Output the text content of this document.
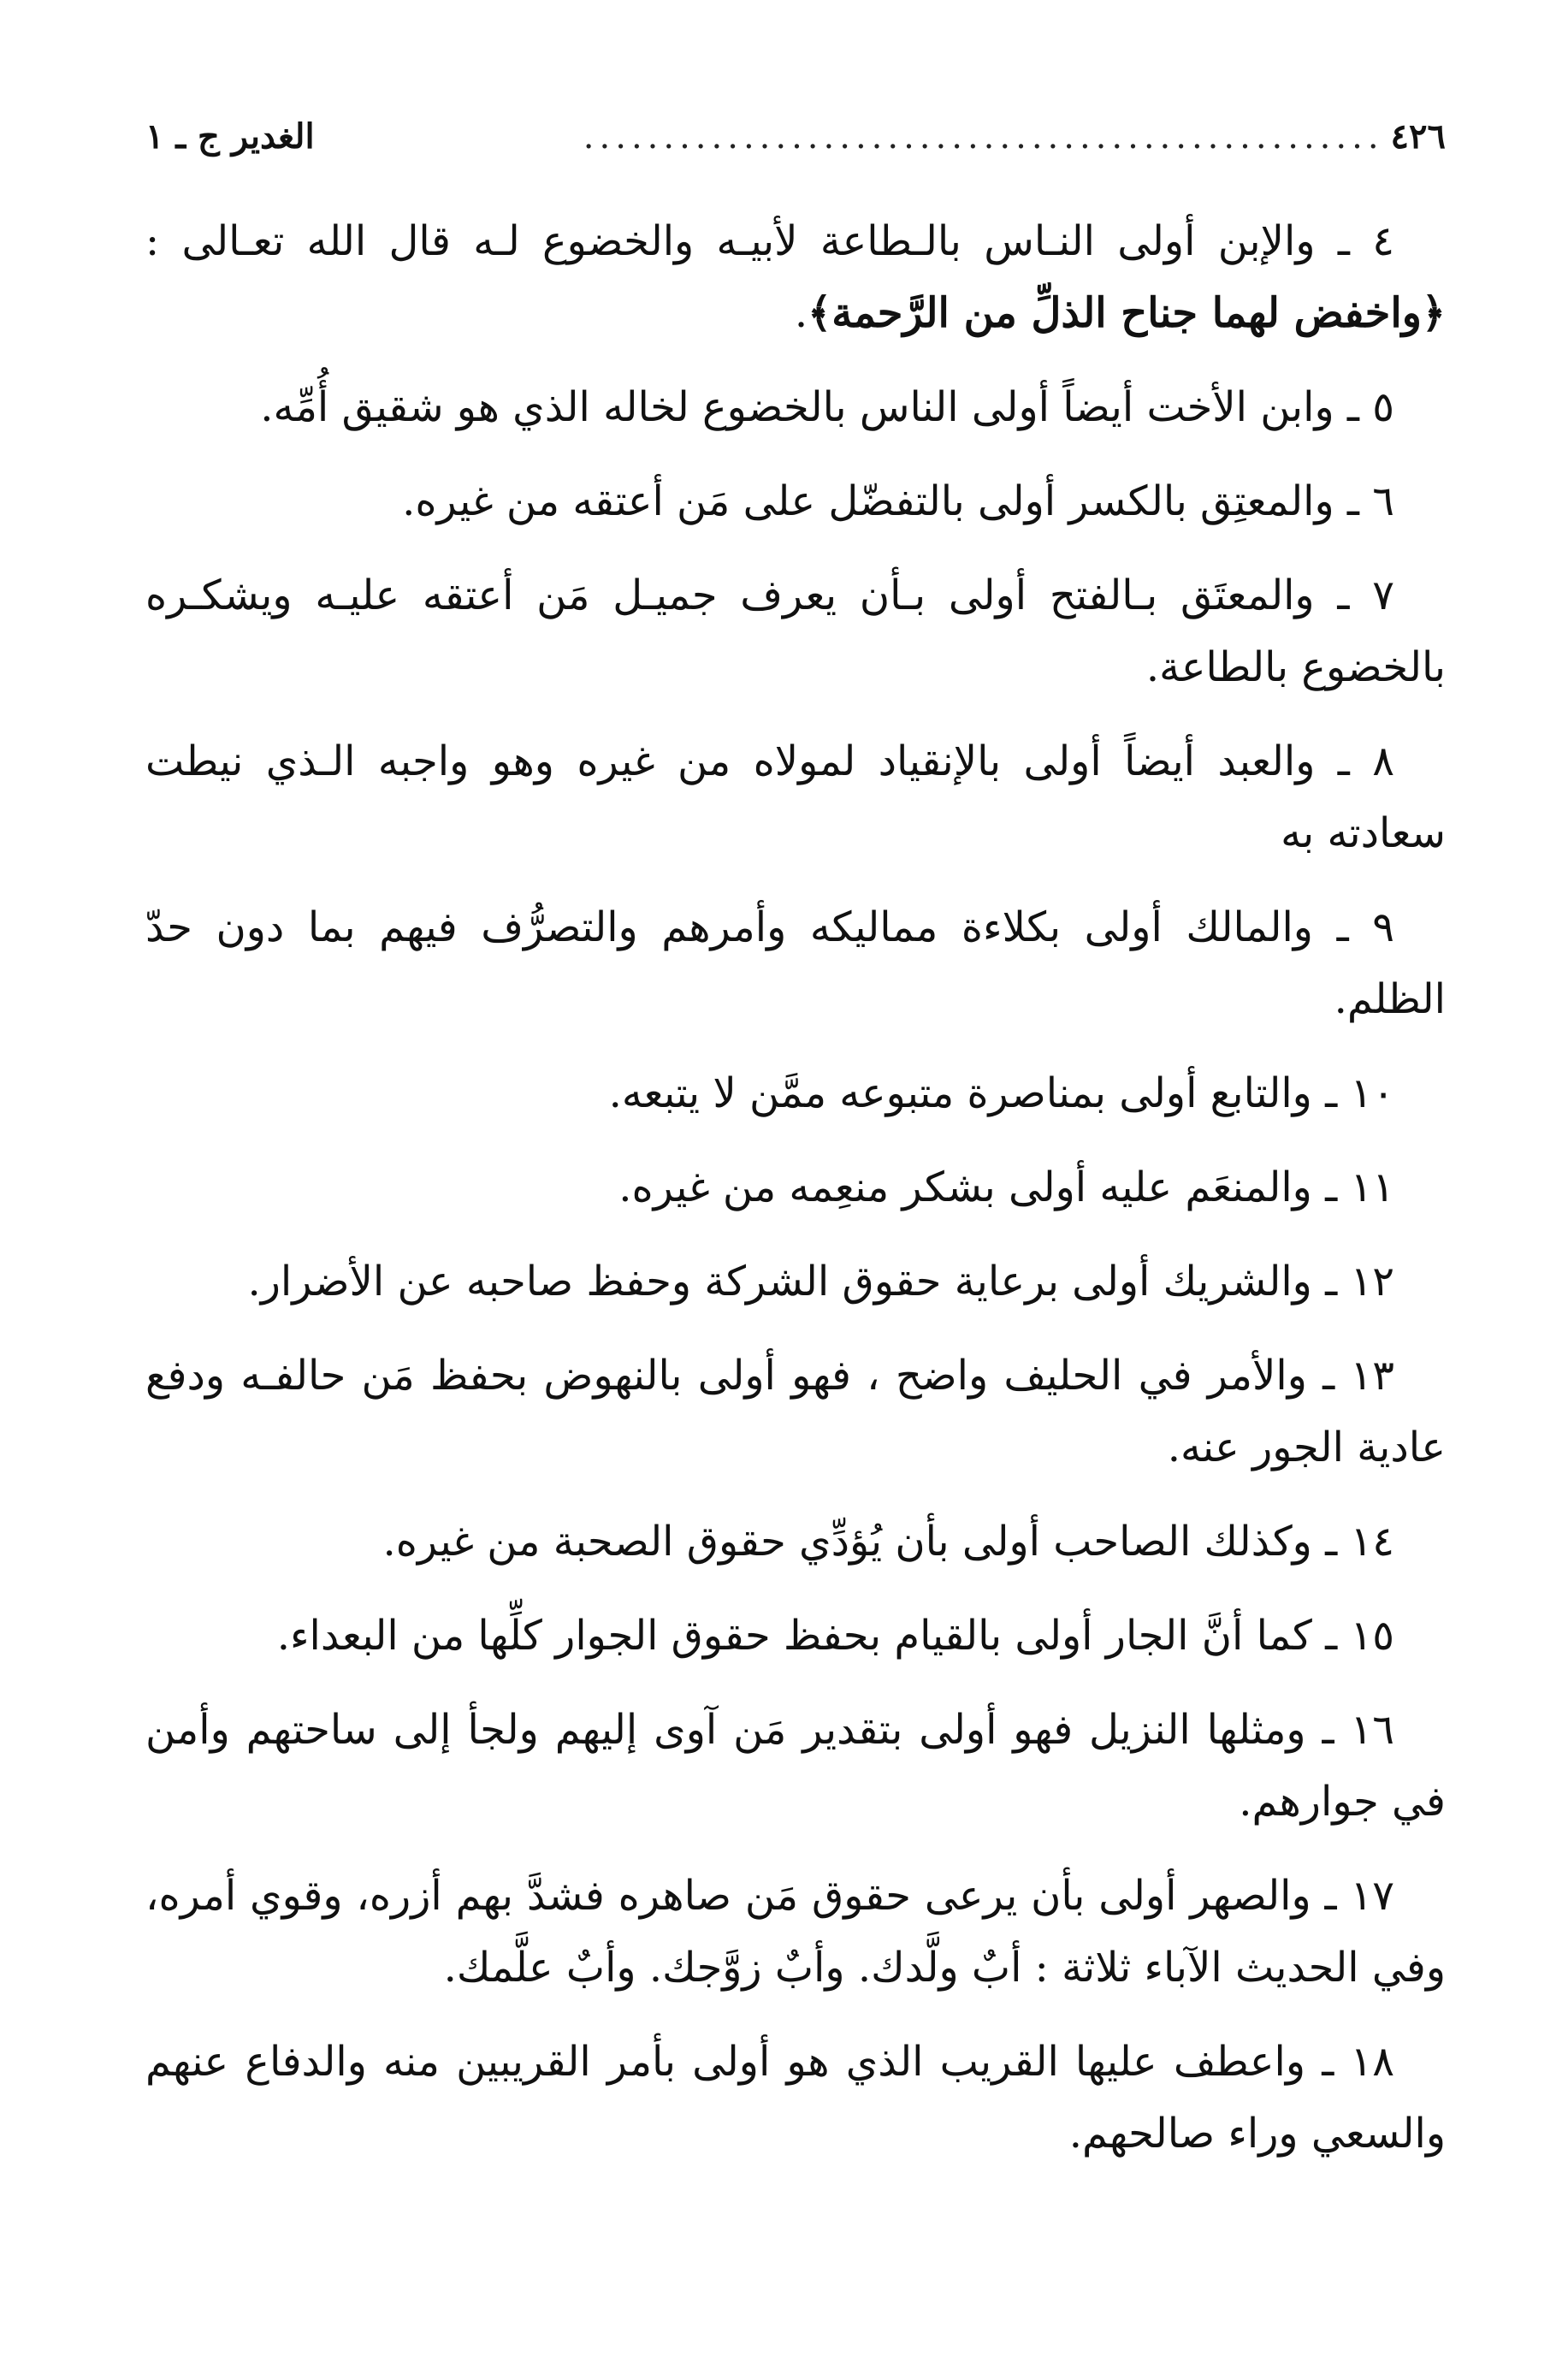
٤٢٦
..................................................
الغدير ج ـ ١

٤ ـ والإبن أولى النـاس بالـطاعة لأبيـه والخضوع لـه قال الله تعـالى : ﴿واخفض لهما جناح الذلِّ من الرَّحمة﴾.

٥ ـ وابن الأخت أيضاً أولى الناس بالخضوع لخاله الذي هو شقيق أُمِّه.

٦ ـ والمعتِق بالكسر أولى بالتفضّل على مَن أعتقه من غيره.

٧ ـ والمعتَق بـالفتح أولى بـأن يعرف جميـل مَن أعتقه عليـه ويشكـره بالخضوع بالطاعة.

٨ ـ والعبد أيضاً أولى بالإنقياد لمولاه من غيره وهو واجبه الـذي نيطت سعادته به

٩ ـ والمالك أولى بكلاءة مماليكه وأمرهم والتصرُّف فيهم بما دون حدّ الظلم.

١٠ ـ والتابع أولى بمناصرة متبوعه ممَّن لا يتبعه.

١١ ـ والمنعَم عليه أولى بشكر منعِمه من غيره.

١٢ ـ والشريك أولى برعاية حقوق الشركة وحفظ صاحبه عن الأضرار.

١٣ ـ والأمر في الحليف واضح ، فهو أولى بالنهوض بحفظ مَن حالفـه ودفع عادية الجور عنه.

١٤ ـ وكذلك الصاحب أولى بأن يُؤدِّي حقوق الصحبة من غيره.

١٥ ـ كما أنَّ الجار أولى بالقيام بحفظ حقوق الجوار كلِّها من البعداء.

١٦ ـ ومثلها النزيل فهو أولى بتقدير مَن آوى إليهم ولجأ إلى ساحتهم وأمن في جوارهم.

١٧ ـ والصهر أولى بأن يرعى حقوق مَن صاهره فشدَّ بهم أزره، وقوي أمره، وفي الحديث الآباء ثلاثة : أبٌ ولَّدك. وأبٌ زوَّجك. وأبٌ علَّمك.

١٨ ـ واعطف عليها القريب الذي هو أولى بأمر القريبين منه والدفاع عنهم والسعي وراء صالحهم.
